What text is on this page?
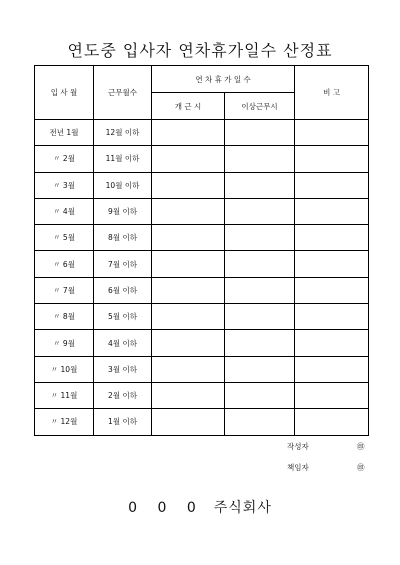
연도중 입사자 연차휴가일수 산정표
입 사 월	근무월수	연 차 휴 가 일 수		비 고
		개 근 시	이상근무시	
전년 1월	12월 이하			
〃 2월	11월 이하			
〃 3월	10월 이하			
〃 4월	9월 이하			
〃 5월	8월 이하			
〃 6월	7월 이하			
〃 7월	6월 이하			
〃 8월	5월 이하			
〃 9월	4월 이하			
〃 10월	3월 이하			
〃 11월	2월 이하			
〃 12월	1월 이하			
작성자	㊞
책임자	㊞
0 0 0 주식회사
